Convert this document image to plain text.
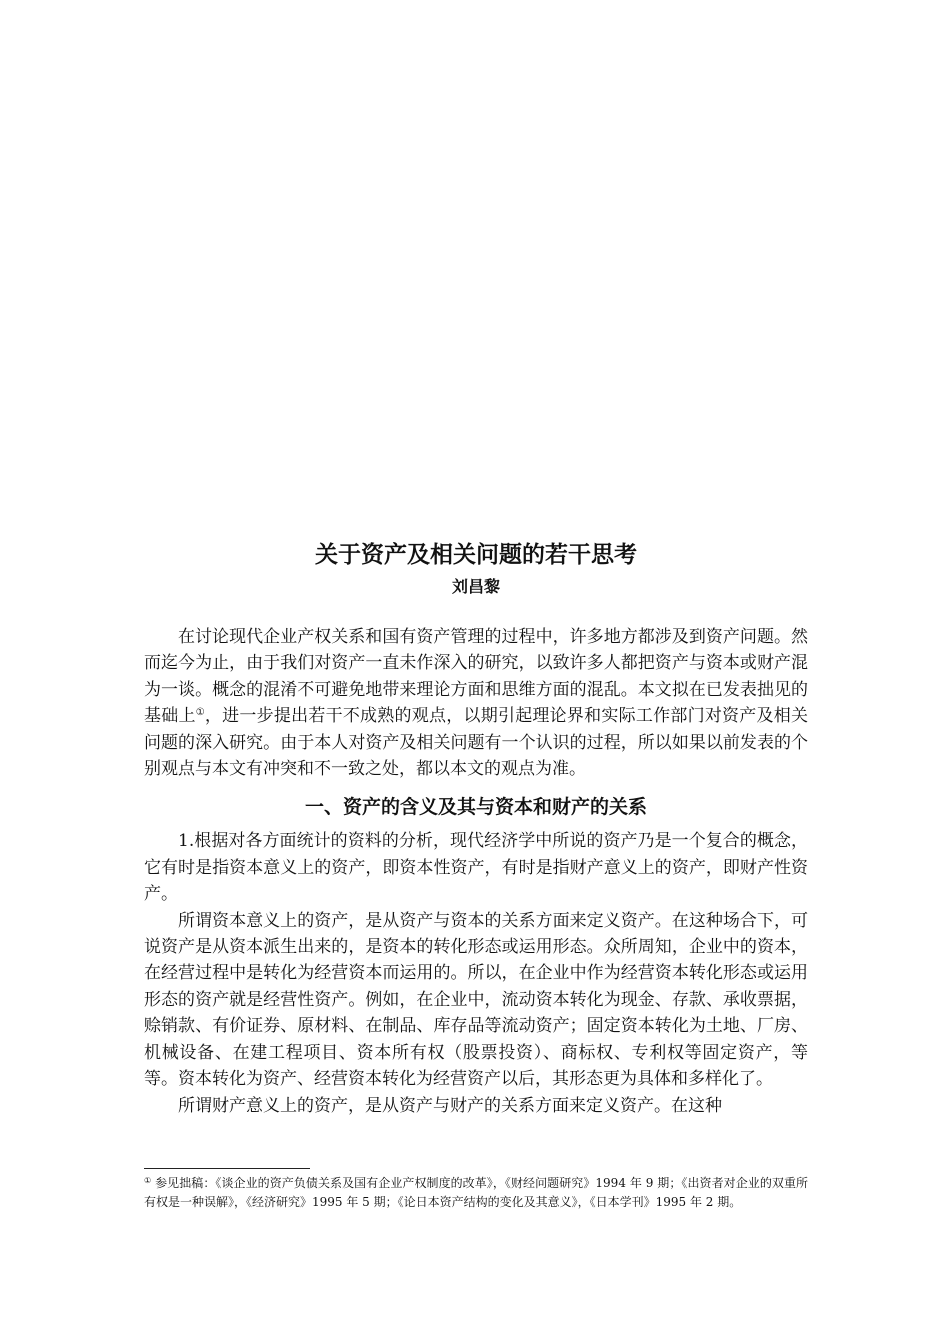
关于资产及相关问题的若干思考
刘昌黎

在讨论现代企业产权关系和国有资产管理的过程中，许多地方都涉及到资产问题。然而迄今为止，由于我们对资产一直未作深入的研究，以致许多人都把资产与资本或财产混为一谈。概念的混淆不可避免地带来理论方面和思维方面的混乱。本文拟在已发表拙见的基础上①，进一步提出若干不成熟的观点，以期引起理论界和实际工作部门对资产及相关问题的深入研究。由于本人对资产及相关问题有一个认识的过程，所以如果以前发表的个别观点与本文有冲突和不一致之处，都以本文的观点为准。

一、资产的含义及其与资本和财产的关系

1.根据对各方面统计的资料的分析，现代经济学中所说的资产乃是一个复合的概念，它有时是指资本意义上的资产，即资本性资产，有时是指财产意义上的资产，即财产性资产。

所谓资本意义上的资产，是从资产与资本的关系方面来定义资产。在这种场合下，可说资产是从资本派生出来的，是资本的转化形态或运用形态。众所周知，企业中的资本，在经营过程中是转化为经营资本而运用的。所以，在企业中作为经营资本转化形态或运用形态的资产就是经营性资产。例如，在企业中，流动资本转化为现金、存款、承收票据，赊销款、有价证券、原材料、在制品、库存品等流动资产；固定资本转化为土地、厂房、机械设备、在建工程项目、资本所有权（股票投资）、商标权、专利权等固定资产，等等。资本转化为资产、经营资本转化为经营资产以后，其形态更为具体和多样化了。

所谓财产意义上的资产，是从资产与财产的关系方面来定义资产。在这种

① 参见拙稿：《谈企业的资产负债关系及国有企业产权制度的改革》，《财经问题研究》1994 年 9 期；《出资者对企业的双重所有权是一种误解》，《经济研究》1995 年 5 期；《论日本资产结构的变化及其意义》，《日本学刊》1995 年 2 期。
